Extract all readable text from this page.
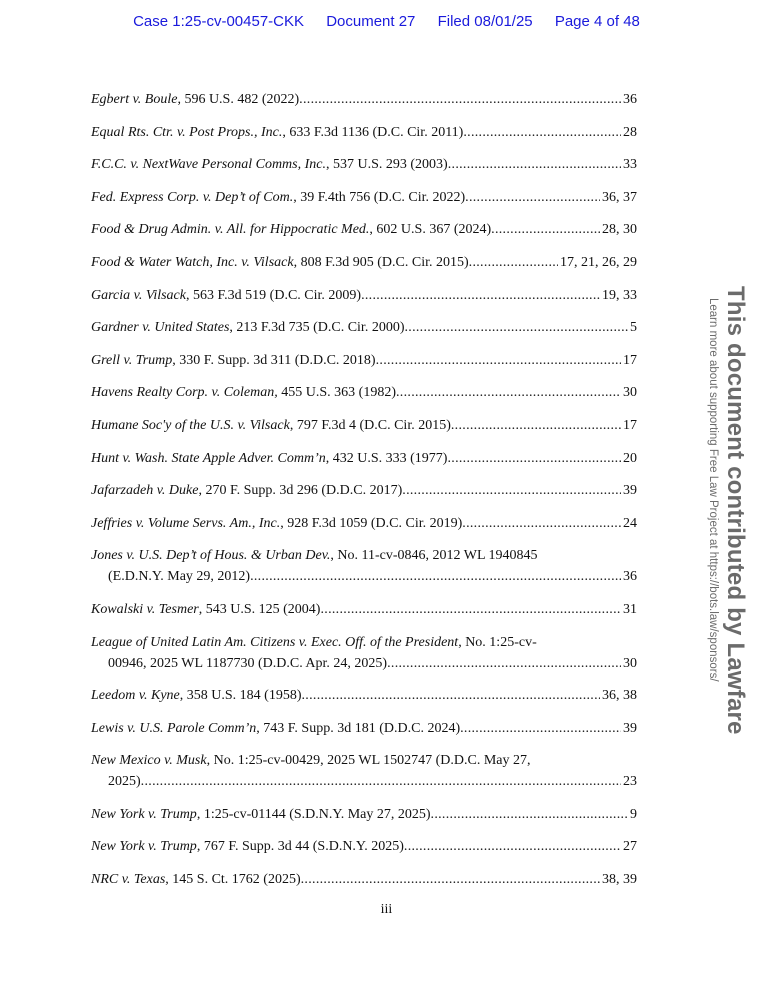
Case 1:25-cv-00457-CKK Document 27 Filed 08/01/25 Page 4 of 48
Egbert v. Boule, 596 U.S. 482 (2022) .....	36
Equal Rts. Ctr. v. Post Props., Inc., 633 F.3d 1136 (D.C. Cir. 2011) .....	28
F.C.C. v. NextWave Personal Comms, Inc., 537 U.S. 293 (2003) .....	33
Fed. Express Corp. v. Dep’t of Com., 39 F.4th 756 (D.C. Cir. 2022) .....	36, 37
Food & Drug Admin. v. All. for Hippocratic Med., 602 U.S. 367 (2024) .....	28, 30
Food & Water Watch, Inc. v. Vilsack, 808 F.3d 905 (D.C. Cir. 2015) .....	17, 21, 26, 29
Garcia v. Vilsack, 563 F.3d 519 (D.C. Cir. 2009) .....	19, 33
Gardner v. United States, 213 F.3d 735 (D.C. Cir. 2000) .....	5
Grell v. Trump, 330 F. Supp. 3d 311 (D.D.C. 2018) .....	17
Havens Realty Corp. v. Coleman, 455 U.S. 363 (1982) .....	30
Humane Soc'y of the U.S. v. Vilsack, 797 F.3d 4 (D.C. Cir. 2015) .....	17
Hunt v. Wash. State Apple Adver. Comm’n, 432 U.S. 333 (1977) .....	20
Jafarzadeh v. Duke, 270 F. Supp. 3d 296 (D.D.C. 2017) .....	39
Jeffries v. Volume Servs. Am., Inc., 928 F.3d 1059 (D.C. Cir. 2019) .....	24
Jones v. U.S. Dep’t of Hous. & Urban Dev., No. 11-cv-0846, 2012 WL 1940845
(E.D.N.Y. May 29, 2012) .....	36
Kowalski v. Tesmer, 543 U.S. 125 (2004) .....	31
League of United Latin Am. Citizens v. Exec. Off. of the President, No. 1:25-cv-
00946, 2025 WL 1187730 (D.D.C. Apr. 24, 2025) .....	30
Leedom v. Kyne, 358 U.S. 184 (1958) .....	36, 38
Lewis v. U.S. Parole Comm’n, 743 F. Supp. 3d 181 (D.D.C. 2024) .....	39
New Mexico v. Musk, No. 1:25-cv-00429, 2025 WL 1502747 (D.D.C. May 27,
2025) .....	23
New York v. Trump, 1:25-cv-01144 (S.D.N.Y. May 27, 2025) .....	9
New York v. Trump, 767 F. Supp. 3d 44 (S.D.N.Y. 2025) .....	27
NRC v. Texas, 145 S. Ct. 1762 (2025) .....	38, 39
iii
This document contributed by Lawfare
Learn more about supporting Free Law Project at https://bots.law/sponsors/
